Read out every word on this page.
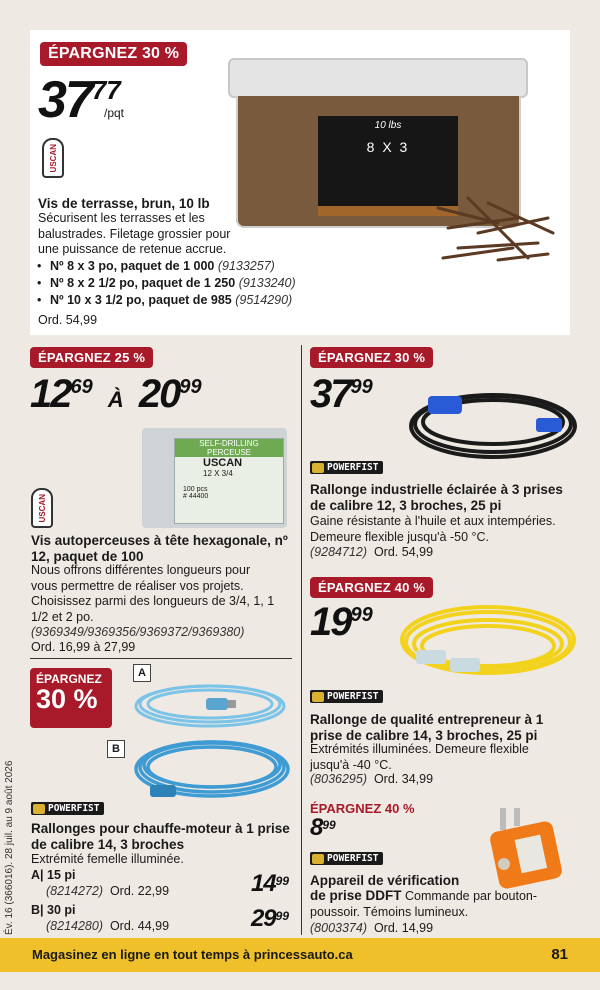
ÉPARGNEZ 30 %
$37^{77}$
/pqt
USCAN
10 lbs
8 X 3
Vis de terrasse, brun, 10 lb
Sécurisent les terrasses et les balustrades. Filetage grossier pour une puissance de retenue accrue.
• Nº 8 x 3 po, paquet de 1 000 (9133257)
• Nº 8 x 2 1/2 po, paquet de 1 250 (9133240)
• Nº 10 x 3 1/2 po, paquet de 985 (9514290)
Ord. 54,99
ÉPARGNEZ 25 %
$12^{69}$ À $20^{99}$
SELF-DRILLING
PERCEUSE
USCAN
12 X 3/4
100 pcs
# 44400
USCAN
Vis autoperceuses à tête hexagonale, nº 12, paquet de 100
Nous offrons différentes longueurs pour vous permettre de réaliser vos projets. Choisissez parmi des longueurs de 3/4, 1, 1 1/2 et 2 po.
(9369349/9369356/9369372/9369380)
Ord. 16,99 à 27,99
ÉPARGNEZ
30 %
A
B
POWERFIST
Rallonges pour chauffe-moteur à 1 prise de calibre 14, 3 broches
Extrémité femelle illuminée.
A| 15 pi
(8214272) Ord. 22,99	$14^{99}$
B| 30 pi
(8214280) Ord. 44,99	$29^{99}$
ÉPARGNEZ 30 %
$37^{99}$
POWERFIST
Rallonge industrielle éclairée à 3 prises de calibre 12, 3 broches, 25 pi
Gaine résistante à l'huile et aux intempéries. Demeure flexible jusqu'à -50 °C.
(9284712) Ord. 54,99
ÉPARGNEZ 40 %
$19^{99}$
POWERFIST
Rallonge de qualité entrepreneur à 1 prise de calibre 14, 3 broches, 25 pi
Extrémités illuminées. Demeure flexible jusqu'à -40 °C.
(8036295) Ord. 34,99
ÉPARGNEZ 40 %
$8^{99}$
POWERFIST
Appareil de vérification
de prise DDFT Commande par bouton-poussoir. Témoins lumineux.
(8003374) Ord. 14,99
Év. 16 (366016). 28 juil. au 9 août 2026
Magasinez en ligne en tout temps à princessauto.ca	81
